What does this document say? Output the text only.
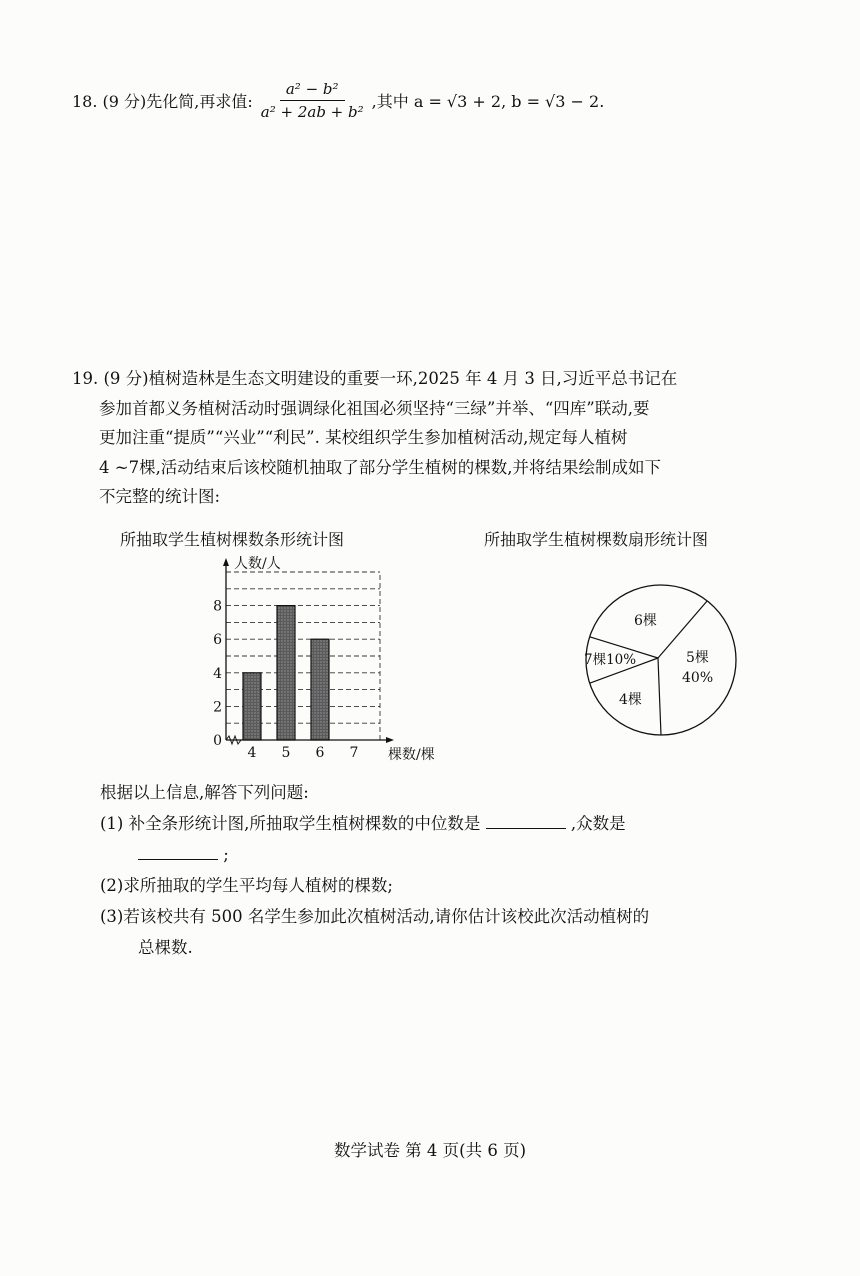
18. (9 分)先化简,再求值: $\frac{\text{a² − b²}}{\text{a² + 2ab + b²}}$ ,其中 a = √3 + 2, b = √3 − 2.
19. (9 分)植树造林是生态文明建设的重要一环,2025 年 4 月 3 日,习近平总书记在
参加首都义务植树活动时强调绿化祖国必须坚持“三绿”并举、“四库”联动,要
更加注重“提质”“兴业”“利民”. 某校组织学生参加植树活动,规定每人植树
4 ~7棵,活动结束后该校随机抽取了部分学生植树的棵数,并将结果绘制成如下
不完整的统计图:
所抽取学生植树棵数条形统计图	所抽取学生植树棵数扇形统计图
人数/人
棵数/棵
0
2
4
6
8
4 5 6 7
5棵
40%
4棵
7棵10%
6棵
根据以上信息,解答下列问题:
(1) 补全条形统计图,所抽取学生植树棵数的中位数是	,众数是
;
(2)求所抽取的学生平均每人植树的棵数;
(3)若该校共有 500 名学生参加此次植树活动,请你估计该校此次活动植树的
总棵数.
数学试卷 第 4 页(共 6 页)
